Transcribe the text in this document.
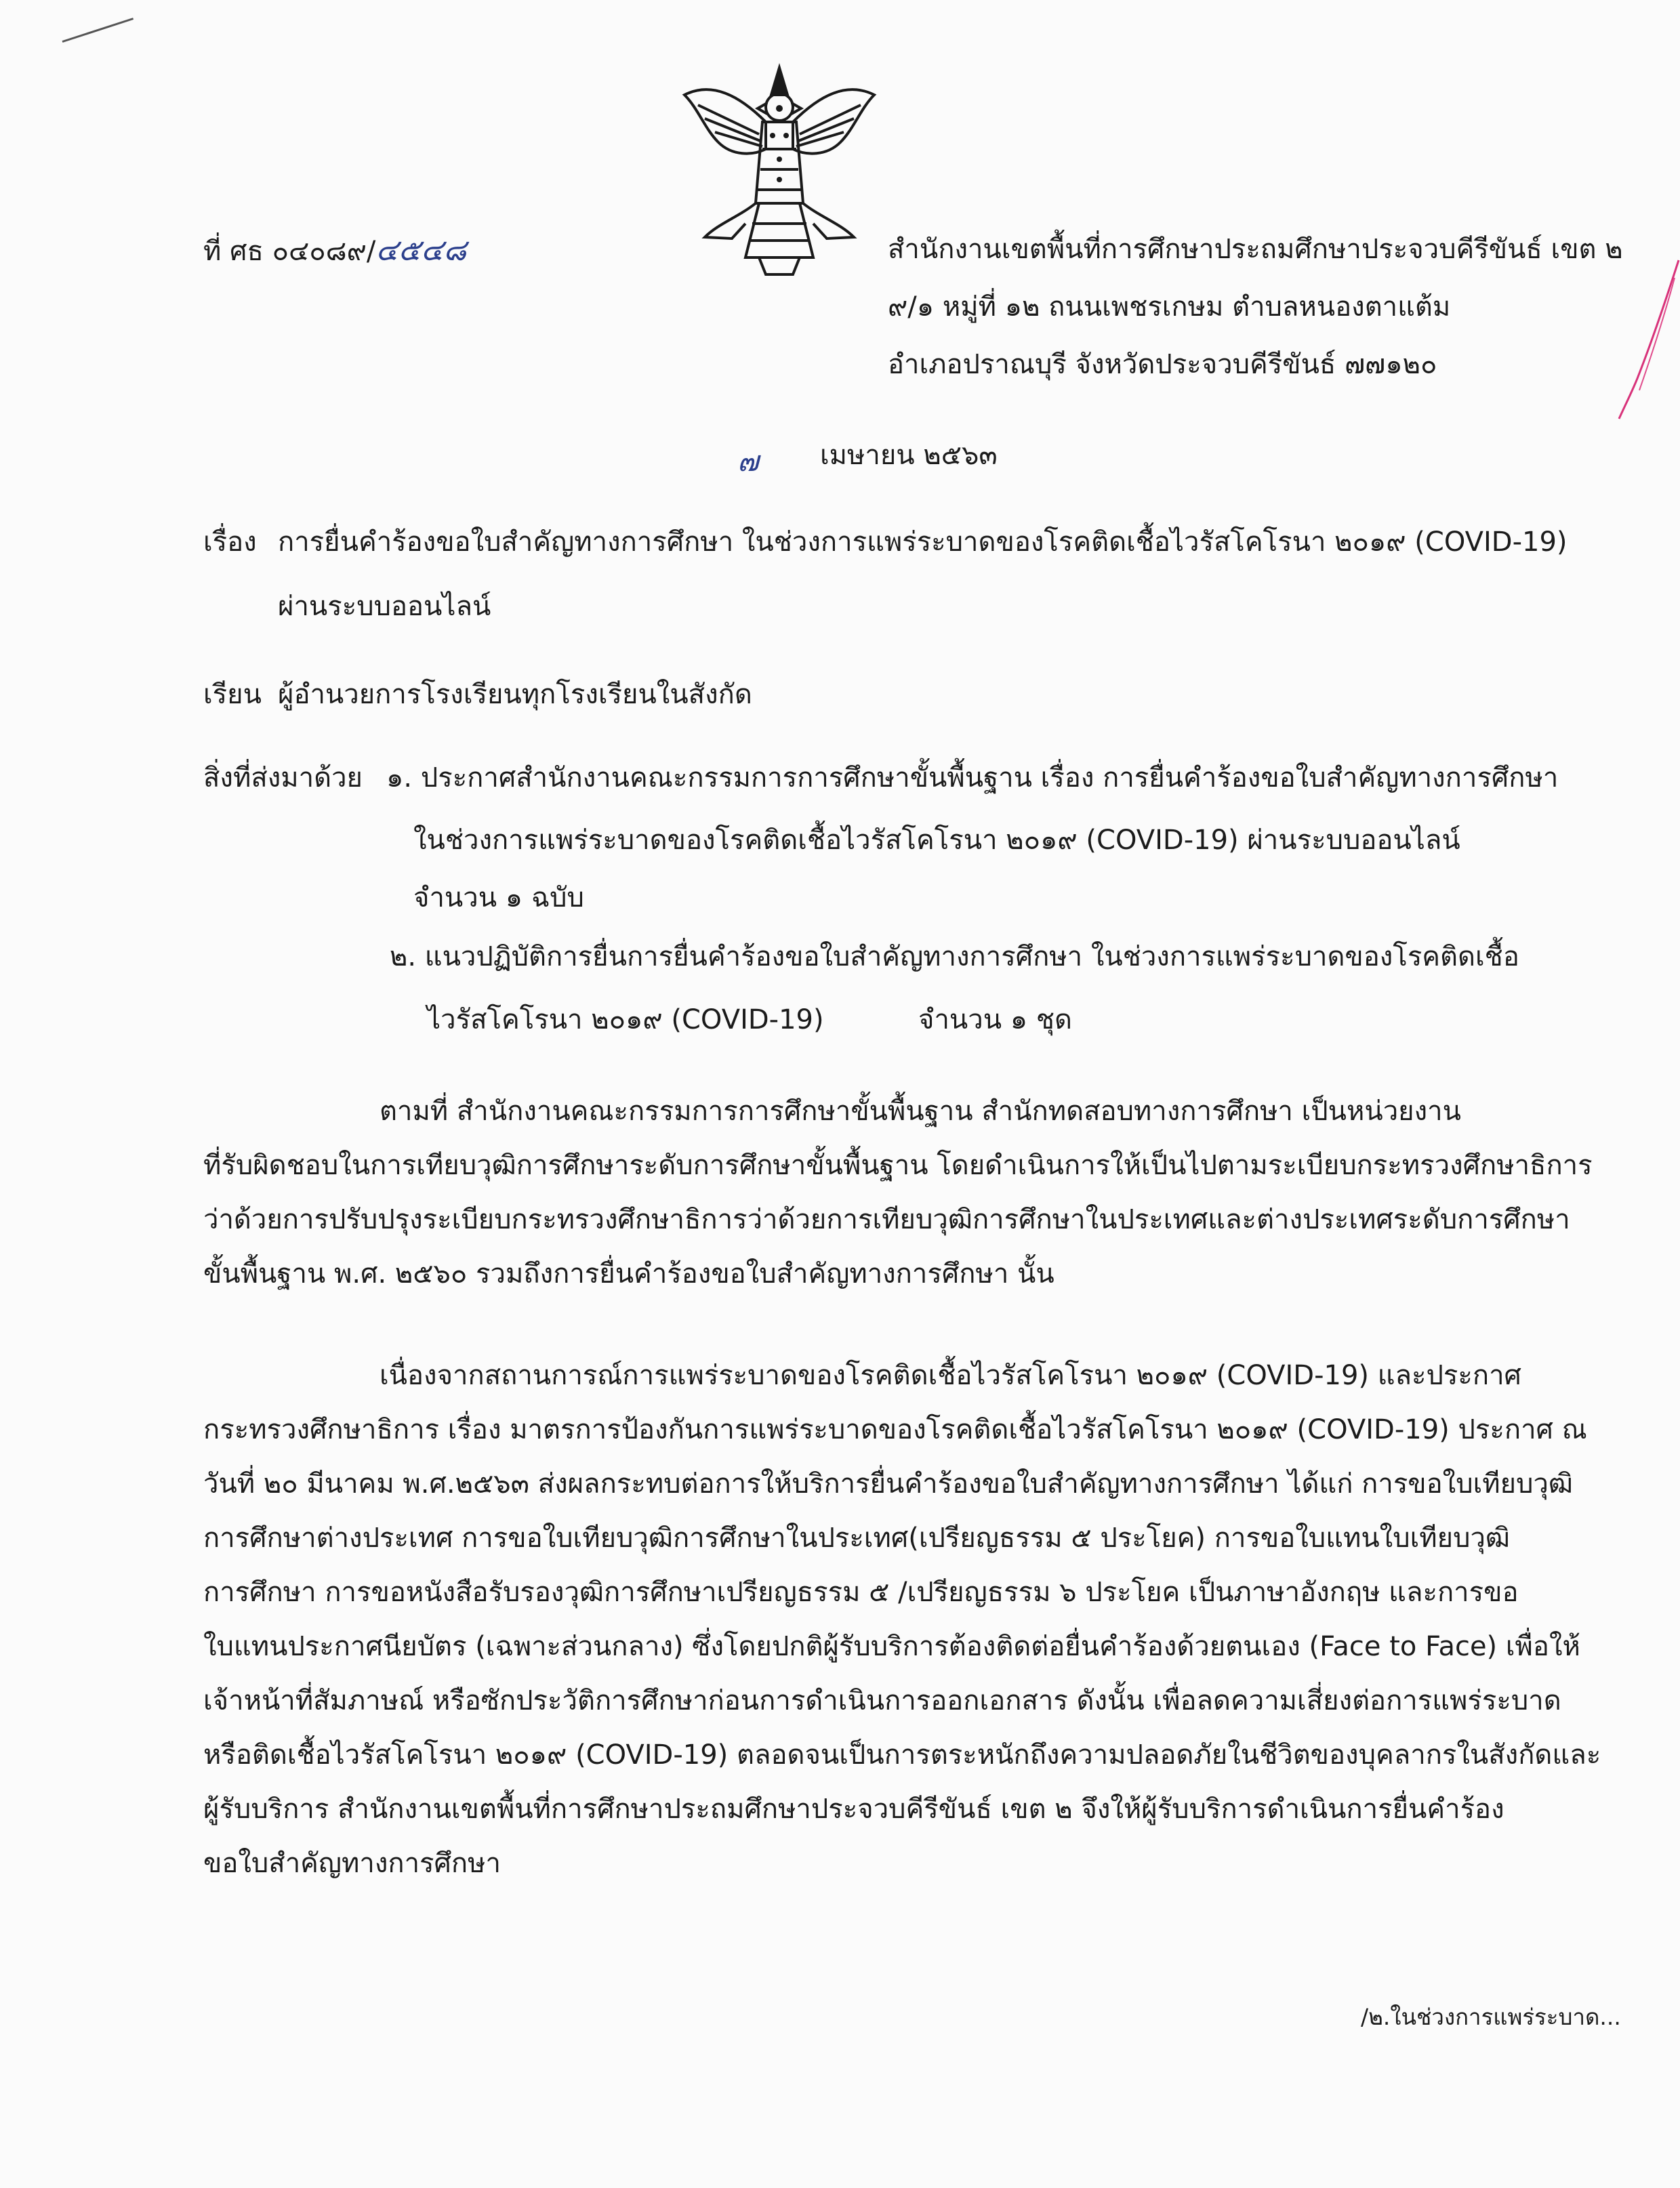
ที่ ศธ ๐๔๐๘๙/๔๕๔๘	สำนักงานเขตพื้นที่การศึกษาประถมศึกษาประจวบคีรีขันธ์ เขต ๒
๙/๑ หมู่ที่ ๑๒ ถนนเพชรเกษม ตำบลหนองตาแต้ม
อำเภอปราณบุรี จังหวัดประจวบคีรีขันธ์ ๗๗๑๒๐
๗ เมษายน ๒๕๖๓
เรื่อง การยื่นคำร้องขอใบสำคัญทางการศึกษา ในช่วงการแพร่ระบาดของโรคติดเชื้อไวรัสโคโรนา ๒๐๑๙ (COVID-19)
ผ่านระบบออนไลน์
เรียน ผู้อำนวยการโรงเรียนทุกโรงเรียนในสังกัด
สิ่งที่ส่งมาด้วย ๑. ประกาศสำนักงานคณะกรรมการการศึกษาขั้นพื้นฐาน เรื่อง การยื่นคำร้องขอใบสำคัญทางการศึกษา
ในช่วงการแพร่ระบาดของโรคติดเชื้อไวรัสโคโรนา ๒๐๑๙ (COVID-19) ผ่านระบบออนไลน์
จำนวน ๑ ฉบับ
๒. แนวปฏิบัติการยื่นการยื่นคำร้องขอใบสำคัญทางการศึกษา ในช่วงการแพร่ระบาดของโรคติดเชื้อ
ไวรัสโคโรนา ๒๐๑๙ (COVID-19)	จำนวน ๑ ชุด
ตามที่ สำนักงานคณะกรรมการการศึกษาขั้นพื้นฐาน สำนักทดสอบทางการศึกษา เป็นหน่วยงาน
ที่รับผิดชอบในการเทียบวุฒิการศึกษาระดับการศึกษาขั้นพื้นฐาน โดยดำเนินการให้เป็นไปตามระเบียบกระทรวงศึกษาธิการ
ว่าด้วยการปรับปรุงระเบียบกระทรวงศึกษาธิการว่าด้วยการเทียบวุฒิการศึกษาในประเทศและต่างประเทศระดับการศึกษา
ขั้นพื้นฐาน พ.ศ. ๒๕๖๐ รวมถึงการยื่นคำร้องขอใบสำคัญทางการศึกษา นั้น
เนื่องจากสถานการณ์การแพร่ระบาดของโรคติดเชื้อไวรัสโคโรนา ๒๐๑๙ (COVID-19) และประกาศ
กระทรวงศึกษาธิการ เรื่อง มาตรการป้องกันการแพร่ระบาดของโรคติดเชื้อไวรัสโคโรนา ๒๐๑๙ (COVID-19) ประกาศ ณ
วันที่ ๒๐ มีนาคม พ.ศ.๒๕๖๓ ส่งผลกระทบต่อการให้บริการยื่นคำร้องขอใบสำคัญทางการศึกษา ได้แก่ การขอใบเทียบวุฒิ
การศึกษาต่างประเทศ การขอใบเทียบวุฒิการศึกษาในประเทศ(เปรียญธรรม ๕ ประโยค) การขอใบแทนใบเทียบวุฒิ
การศึกษา การขอหนังสือรับรองวุฒิการศึกษาเปรียญธรรม ๕ /เปรียญธรรม ๖ ประโยค เป็นภาษาอังกฤษ และการขอ
ใบแทนประกาศนียบัตร (เฉพาะส่วนกลาง) ซึ่งโดยปกติผู้รับบริการต้องติดต่อยื่นคำร้องด้วยตนเอง (Face to Face) เพื่อให้
เจ้าหน้าที่สัมภาษณ์ หรือซักประวัติการศึกษาก่อนการดำเนินการออกเอกสาร ดังนั้น เพื่อลดความเสี่ยงต่อการแพร่ระบาด
หรือติดเชื้อไวรัสโคโรนา ๒๐๑๙ (COVID-19) ตลอดจนเป็นการตระหนักถึงความปลอดภัยในชีวิตของบุคลากรในสังกัดและ
ผู้รับบริการ สำนักงานเขตพื้นที่การศึกษาประถมศึกษาประจวบคีรีขันธ์ เขต ๒ จึงให้ผู้รับบริการดำเนินการยื่นคำร้อง
ขอใบสำคัญทางการศึกษา
/๒.ในช่วงการแพร่ระบาด...
